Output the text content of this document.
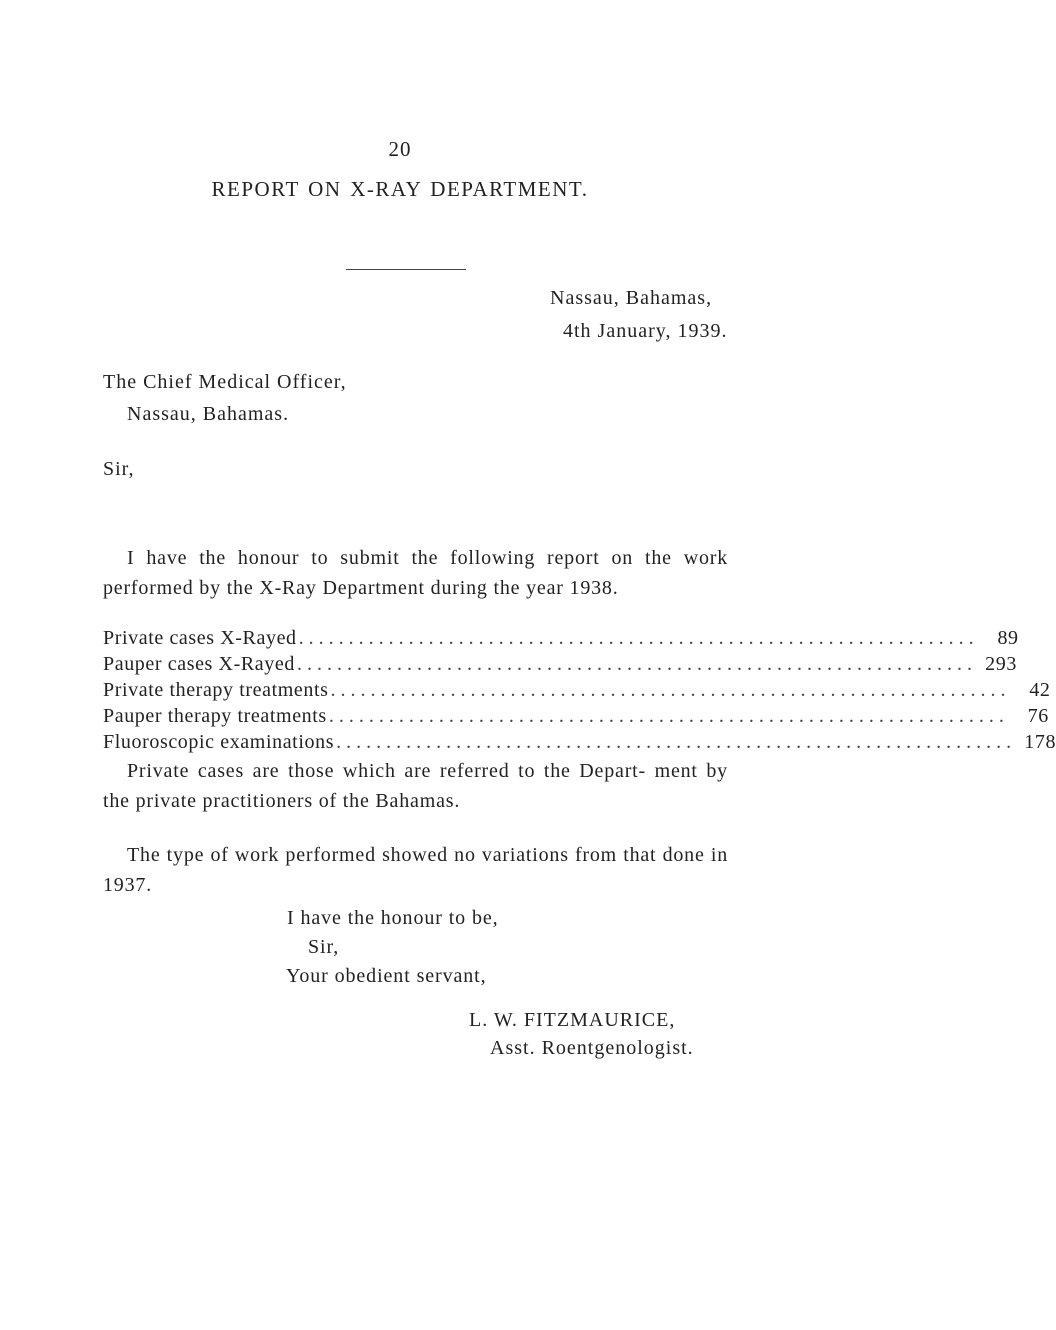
20
REPORT ON X-RAY DEPARTMENT.
Nassau, Bahamas,
4th January, 1939.
The Chief Medical Officer,
Nassau, Bahamas.
Sir,
I have the honour to submit the following report on the work performed by the X-Ray Department during the year 1938.
Private cases X-Rayed .................................................................... 89
Pauper cases X-Rayed .................................................................... 293
Private therapy treatments .................................................................... 42
Pauper therapy treatments .................................................................... 76
Fluoroscopic examinations .................................................................... 178
Private cases are those which are referred to the Depart- ment by the private practitioners of the Bahamas.
The type of work performed showed no variations from that done in 1937.
I have the honour to be,
Sir,
Your obedient servant,
L. W. FITZMAURICE,
Asst. Roentgenologist.
